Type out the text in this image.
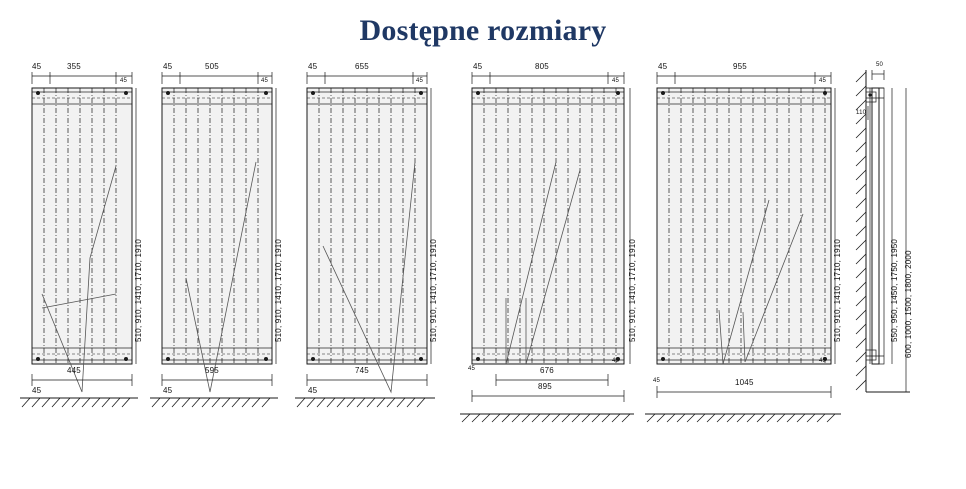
Dostępne rozmiary
45	355
45
445
45
510, 910, 1410, 1710, 1910
45	505
45
595
45
510, 910, 1410, 1710, 1910
45	655
45
745
45
510, 910, 1410, 1710, 1910
45	805
45
676
895
45
45
510, 910, 1410, 1710, 1910
45	955
45
1045
45
45
510, 910, 1410, 1710, 1910
50
110
550, 950, 1450, 1750, 1950 600, 1000, 1500, 1800, 2000
